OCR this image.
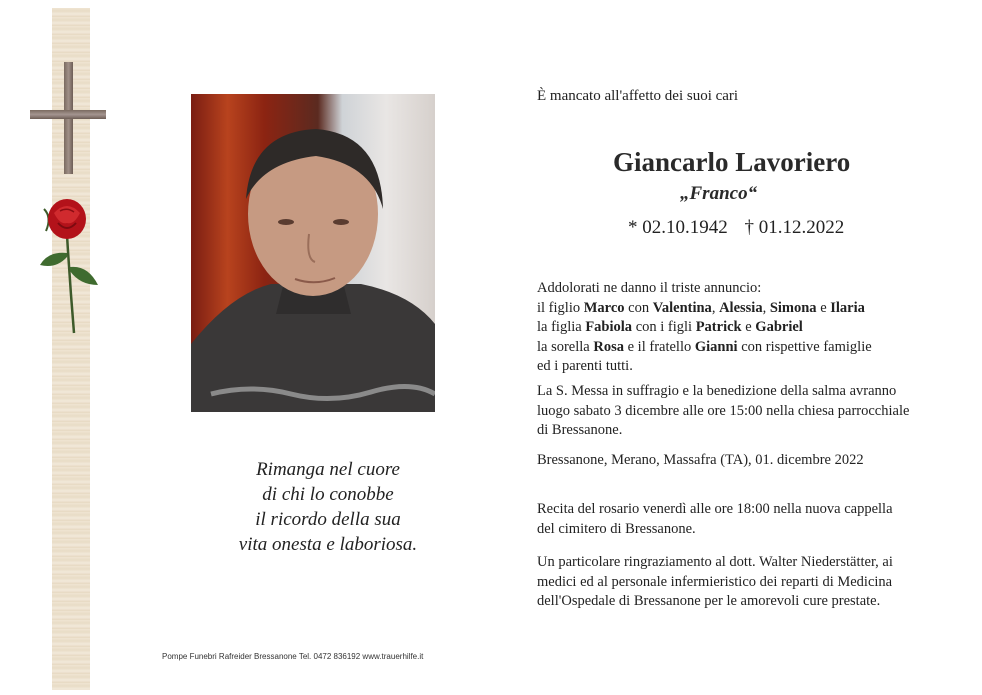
Rimanga nel cuore
di chi lo conobbe
il ricordo della sua
vita onesta e laboriosa.
Pompe Funebri Rafreider Bressanone Tel. 0472 836192 www.trauerhilfe.it
È mancato all'affetto dei suoi cari
Giancarlo Lavoriero
„Franco“
* 02.10.1942 † 01.12.2022
Addolorati ne danno il triste annuncio:
il figlio Marco con Valentina, Alessia, Simona e Ilaria
la figlia Fabiola con i figli Patrick e Gabriel
la sorella Rosa e il fratello Gianni con rispettive famiglie
ed i parenti tutti.
La S. Messa in suffragio e la benedizione della salma avranno
luogo sabato 3 dicembre alle ore 15:00 nella chiesa parrocchiale
di Bressanone.
Bressanone, Merano, Massafra (TA), 01. dicembre 2022
Recita del rosario venerdì alle ore 18:00 nella nuova cappella
del cimitero di Bressanone.
Un particolare ringraziamento al dott. Walter Niederstätter, ai
medici ed al personale infermieristico dei reparti di Medicina
dell'Ospedale di Bressanone per le amorevoli cure prestate.
